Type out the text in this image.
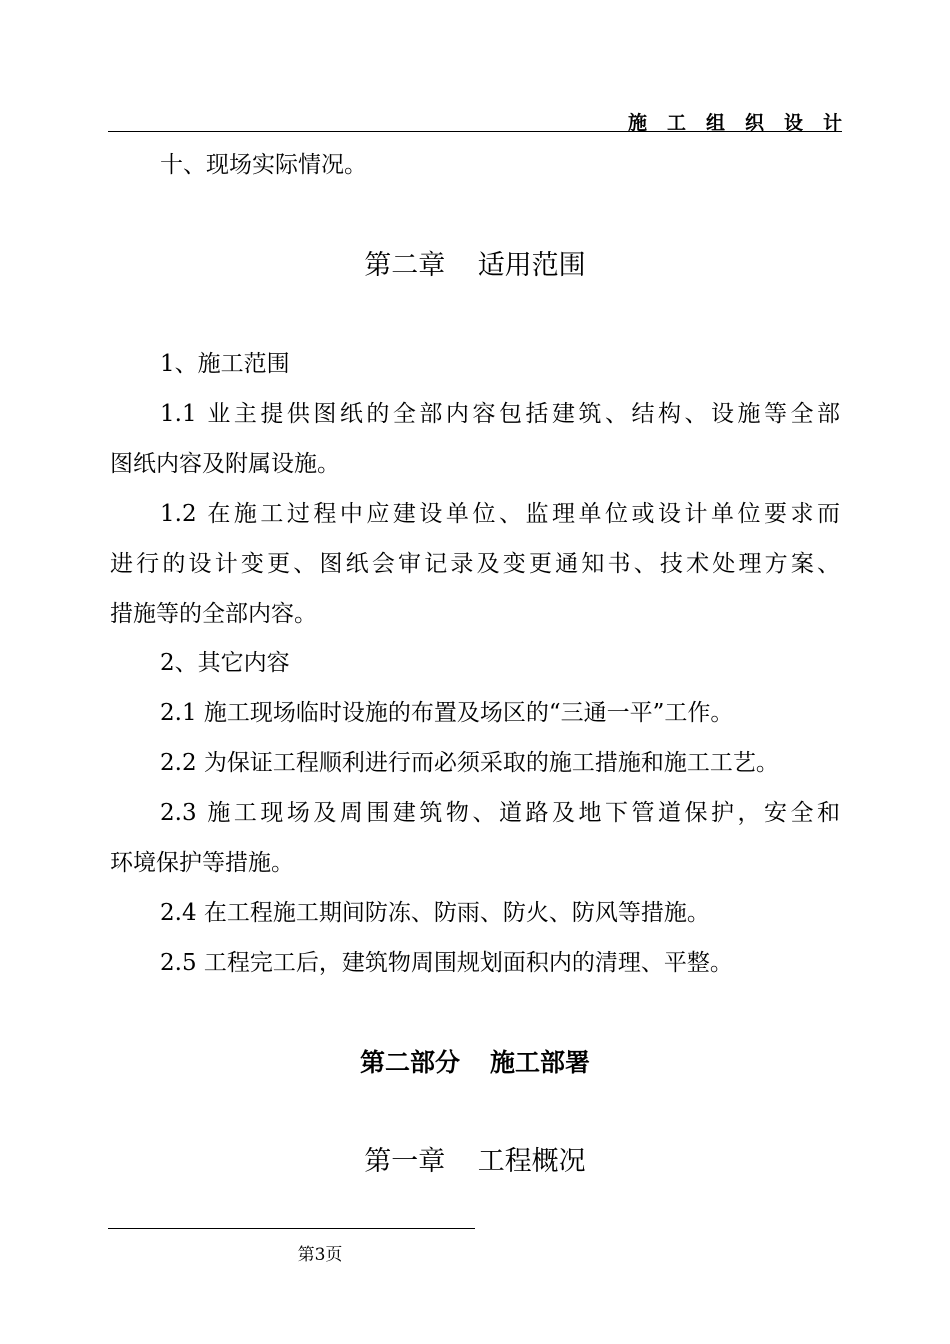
施工组织设计
十、现场实际情况。
第二章 适用范围
1、施工范围
1.1 业主提供图纸的全部内容包括建筑、结构、设施等全部
图纸内容及附属设施。
1.2 在施工过程中应建设单位、监理单位或设计单位要求而
进行的设计变更、图纸会审记录及变更通知书、技术处理方案、
措施等的全部内容。
2、其它内容
2.1 施工现场临时设施的布置及场区的“三通一平”工作。
2.2 为保证工程顺利进行而必须采取的施工措施和施工工艺。
2.3 施工现场及周围建筑物、道路及地下管道保护，安全和
环境保护等措施。
2.4 在工程施工期间防冻、防雨、防火、防风等措施。
2.5 工程完工后，建筑物周围规划面积内的清理、平整。
第二部分 施工部署
第一章 工程概况
第3页
